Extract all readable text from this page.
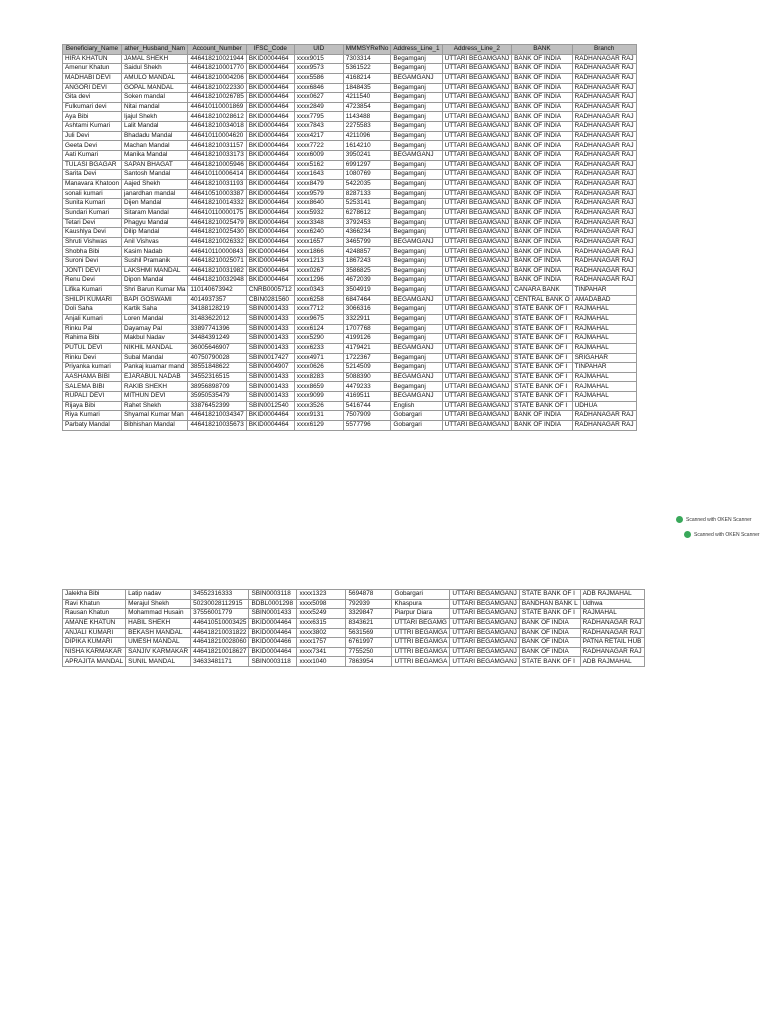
Beneficiary_Name	ather_Husband_Nam	Account_Number	IFSC_Code	UID	MMMSYRefNo	Address_Line_1	Address_Line_2	BANK	Branch
HIRA KHATUN	JAMAL SHEKH	446418210021944	BKID0004464	xxxx9015	7303314	Begamganj	UTTARI BEGAMGANJ	BANK OF INDIA	RADHANAGAR RAJ
Amenur Khatun	Saidul Shekh	446418210001770	BKID0004464	xxxx9573	5361522	Begamganj	UTTARI BEGAMGANJ	BANK OF INDIA	RADHANAGAR RAJ
MADHABI DEVI	AMULO MANDAL	446418210004206	BKID0004464	xxxx5586	4168214	BEGAMGANJ	UTTARI BEGAMGANJ	BANK OF INDIA	RADHANAGAR RAJ
ANGORI DEVI	GOPAL MANDAL	446418210022330	BKID0004464	xxxx6846	1848435	Begamganj	UTTARI BEGAMGANJ	BANK OF INDIA	RADHANAGAR RAJ
Gita devi	Soken mandal	446418210026785	BKID0004464	xxxx0627	4211540	Begamganj	UTTARI BEGAMGANJ	BANK OF INDIA	RADHANAGAR RAJ
Fulkumari devi	Nitai mandal	446410110001869	BKID0004464	xxxx2849	4723854	Begamganj	UTTARI BEGAMGANJ	BANK OF INDIA	RADHANAGAR RAJ
Aya Bibi	Ijajul Shekh	446418210028612	BKID0004464	xxxx7795	1143488	Begamganj	UTTARI BEGAMGANJ	BANK OF INDIA	RADHANAGAR RAJ
Ashtami Kumari	Lalit Mandal	446418210034018	BKID0004464	xxxx7843	2275583	Begamganj	UTTARI BEGAMGANJ	BANK OF INDIA	RADHANAGAR RAJ
Juli Devi	Bhadadu Mandal	446410110004620	BKID0004464	xxxx4217	4211096	Begamganj	UTTARI BEGAMGANJ	BANK OF INDIA	RADHANAGAR RAJ
Geeta Devi	Machan Mandal	446418210031157	BKID0004464	xxxx7722	1614210	Begamganj	UTTARI BEGAMGANJ	BANK OF INDIA	RADHANAGAR RAJ
Aati Kumari	Manika Mandal	446418210033173	BKID0004464	xxxx6009	3950241	BEGAMGANJ	UTTARI BEGAMGANJ	BANK OF INDIA	RADHANAGAR RAJ
TULASI BGAGAR	SAPAN BHAGAT	446418210005946	BKID0004464	xxxx5162	6991297	Begamganj	UTTARI BEGAMGANJ	BANK OF INDIA	RADHANAGAR RAJ
Sarita Devi	Santosh Mandal	446410110006414	BKID0004464	xxxx1643	1080769	Begamganj	UTTARI BEGAMGANJ	BANK OF INDIA	RADHANAGAR RAJ
Manavara Khatoon	Aajed Shekh	446418210031193	BKID0004464	xxxx8479	5422035	Begamganj	UTTARI BEGAMGANJ	BANK OF INDIA	RADHANAGAR RAJ
sonali kumari	janardhan mandal	446410510003387	BKID0004464	xxxx9579	8287133	Begamganj	UTTARI BEGAMGANJ	BANK OF INDIA	RADHANAGAR RAJ
Sunita Kumari	Dijen Mandal	446418210014332	BKID0004464	xxxx8640	5253141	Begamganj	UTTARI BEGAMGANJ	BANK OF INDIA	RADHANAGAR RAJ
Sundari Kumari	Sitaram Mandal	446410110000175	BKID0004464	xxxx5932	6278612	Begamganj	UTTARI BEGAMGANJ	BANK OF INDIA	RADHANAGAR RAJ
Tetari Devi	Phagyu Mandal	446418210025479	BKID0004464	xxxx3348	3792453	Begamganj	UTTARI BEGAMGANJ	BANK OF INDIA	RADHANAGAR RAJ
Kaushlya Devi	Dilip Mandal	446418210025430	BKID0004464	xxxx6240	4366234	Begamganj	UTTARI BEGAMGANJ	BANK OF INDIA	RADHANAGAR RAJ
Shruti Vishwas	Anil Vishvas	446418210026332	BKID0004464	xxxx1657	3465799	BEGAMGANJ	UTTARI BEGAMGANJ	BANK OF INDIA	RADHANAGAR RAJ
Shobha Bibi	Kasim Nadab	446410110000843	BKID0004464	xxxx1866	4248857	Begamganj	UTTARI BEGAMGANJ	BANK OF INDIA	RADHANAGAR RAJ
Suroni Devi	Sushil Pramanik	446418210025071	BKID0004464	xxxx1213	1867243	Begamganj	UTTARI BEGAMGANJ	BANK OF INDIA	RADHANAGAR RAJ
JONTI DEVI	LAKSHMI MANDAL	446418210031982	BKID0004464	xxxx0267	3586825	Begamganj	UTTARI BEGAMGANJ	BANK OF INDIA	RADHANAGAR RAJ
Renu Devi	Dipon Mandal	446418210032948	BKID0004464	xxxx1296	4672039	Begamganj	UTTARI BEGAMGANJ	BANK OF INDIA	RADHANAGAR RAJ
Lifika Kumari	Shri Barun Kumar Ma	110140673942	CNRB0005712	xxxx0343	3504919	Begamganj	UTTARI BEGAMGANJ	CANARA BANK	TINPAHAR
SHILPI KUMARI	BAPI GOSWAMI	4014937357	CBIN0281560	xxxx6258	6847464	BEGAMGANJ	UTTARI BEGAMGANJ	CENTRAL BANK O	AMADABAD
Doli Saha	Kartik Saha	34188128219	SBIN0001433	xxxx7712	3066316	Begamganj	UTTARI BEGAMGANJ	STATE BANK OF I	RAJMAHAL
Anjali Kumari	Loren Mandal	31483622012	SBIN0001433	xxxx9675	3322911	Begamganj	UTTARI BEGAMGANJ	STATE BANK OF I	RAJMAHAL
Rinku Pal	Dayamay Pal	33897741396	SBIN0001433	xxxx6124	1707768	Begamganj	UTTARI BEGAMGANJ	STATE BANK OF I	RAJMAHAL
Rahima Bibi	Makbul Nadav	34484391249	SBIN0001433	xxxx5290	4199126	Begamganj	UTTARI BEGAMGANJ	STATE BANK OF I	RAJMAHAL
PUTUL DEVI	NIKHIL MANDAL	36005646907	SBIN0001433	xxxx6233	4179421	BEGAMGANJ	UTTARI BEGAMGANJ	STATE BANK OF I	RAJMAHAL
Rinku Devi	Subal Mandal	40750790028	SBIN0017427	xxxx4971	1722367	Begamganj	UTTARI BEGAMGANJ	STATE BANK OF I	SRIGAHAR
Priyanka kumari	Pankaj kuamar mand	38551848622	SBIN0004907	xxxx0626	5214509	Begamganj	UTTARI BEGAMGANJ	STATE BANK OF I	TINPAHAR
AASHAMA BIBI	EJARABUL NADAB	34552316515	SBIN0001433	xxxx8283	5088390	BEGAMGANJ	UTTARI BEGAMGANJ	STATE BANK OF I	RAJMAHAL
SALEMA BIBI	RAKIB SHEKH	38956898709	SBIN0001433	xxxx8659	4479233	Begamganj	UTTARI BEGAMGANJ	STATE BANK OF I	RAJMAHAL
RUPALI DEVI	MITHUN DEVI	35950535479	SBIN0001433	xxxx9099	4169511	BEGAMGANJ	UTTARI BEGAMGANJ	STATE BANK OF I	RAJMAHAL
Rijaya Bibi	Rahet Shekh	33876452399	SBIN0012540	xxxx3526	5416744	English	UTTARI BEGAMGANJ	STATE BANK OF I	UDHUA
Riya Kumari	Shyamal Kumar Man	446418210034347	BKID0004464	xxxx9131	7507909	Gobargari	UTTARI BEGAMGANJ	BANK OF INDIA	RADHANAGAR RAJ
Parbaty Mandal	Bibhishan Mandal	446418210035673	BKID0004464	xxxx6129	5577796	Gobargari	UTTARI BEGAMGANJ	BANK OF INDIA	RADHANAGAR RAJ
Jalekha Bibi	Latip nadav	34552316333	SBIN0003118	xxxx1323	5694878	Gobargari	UTTARI BEGAMGANJ	STATE BANK OF I	ADB RAJMAHAL
Ravi Khatun	Merajul Shekh	50230028112915	BDBL0001298	xxxx5098	792939	Khaspura	UTTARI BEGAMGANJ	BANDHAN BANK L	Udhwa
Rausan Khatun	Mohammad Husain	37556001779	SBIN0001433	xxxx5249	3329847	Piarpur Diara	UTTARI BEGAMGANJ	STATE BANK OF I	RAJMAHAL
AMANE KHATUN	HABIL SHEKH	446410510003425	BKID0004464	xxxx6315	8343621	UTTARI BEGAMG	UTTARI BEGAMGANJ	BANK OF INDIA	RADHANAGAR RAJ
ANJALI KUMARI	BEKASH MANDAL	446418210031822	BKID0004464	xxxx3802	5631569	UTTRI BEGAMGA	UTTARI BEGAMGANJ	BANK OF INDIA	RADHANAGAR RAJ
DIPIKA KUMARI	UMESH MANDAL	446418210028060	BKID0004466	xxxx1757	6761997	UTTRI BEGAMGA	UTTARI BEGAMGANJ	BANK OF INDIA	PATNA RETAIL HUB
NISHA KARMAKAR	SANJIV KARMAKAR	446418210018627	BKID0004464	xxxx7341	7755250	UTTRI BEGAMGA	UTTARI BEGAMGANJ	BANK OF INDIA	RADHANAGAR RAJ
APRAJITA MANDAL	SUNIL MANDAL	34633481171	SBIN0003118	xxxx1040	7863954	UTTRI BEGAMGA	UTTARI BEGAMGANJ	STATE BANK OF I	ADB RAJMAHAL
Scanned with OKEN Scanner
Scanned with OKEN Scanner
